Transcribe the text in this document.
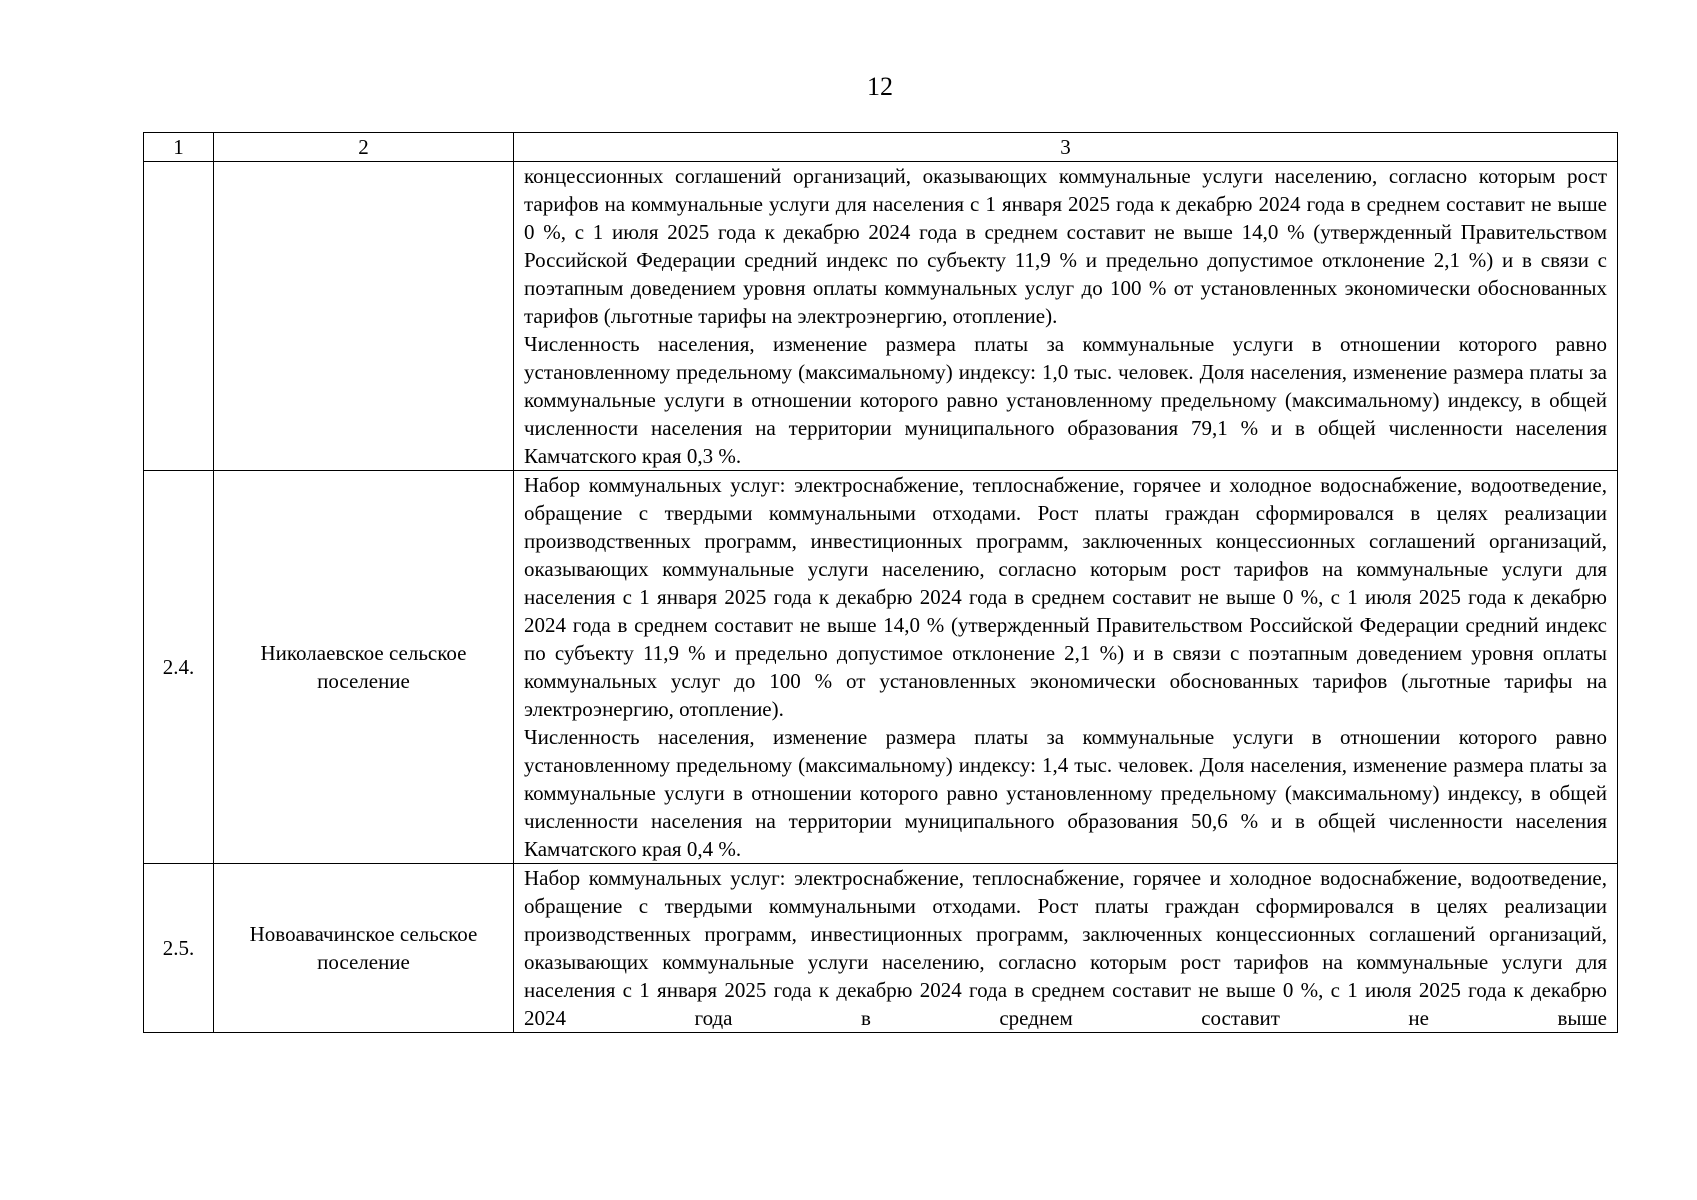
12
1	2	3

		концессионных соглашений организаций, оказывающих коммунальные услуги населению, согласно которым рост тарифов на коммунальные услуги для населения с 1 января 2025 года к декабрю 2024 года в среднем составит не выше 0 %, с 1 июля 2025 года к декабрю 2024 года в среднем составит не выше 14,0 % (утвержденный Правительством Российской Федерации средний индекс по субъекту 11,9 % и предельно допустимое отклонение 2,1 %) и в связи с поэтапным доведением уровня оплаты коммунальных услуг до 100 % от установленных экономически обоснованных тарифов (льготные тарифы на электроэнергию, отопление).

Численность населения, изменение размера платы за коммунальные услуги в отношении которого равно установленному предельному (максимальному) индексу: 1,0 тыс. человек. Доля населения, изменение размера платы за коммунальные услуги в отношении которого равно установленному предельному (максимальному) индексу, в общей численности населения на территории муниципального образования 79,1 % и в общей численности населения Камчатского края 0,3 %.

2.4.	Николаевское сельское поселение	Набор коммунальных услуг: электроснабжение, теплоснабжение, горячее и холодное водоснабжение, водоотведение, обращение с твердыми коммунальными отходами. Рост платы граждан сформировался в целях реализации производственных программ, инвестиционных программ, заключенных концессионных соглашений организаций, оказывающих коммунальные услуги населению, согласно которым рост тарифов на коммунальные услуги для населения с 1 января 2025 года к декабрю 2024 года в среднем составит не выше 0 %, с 1 июля 2025 года к декабрю 2024 года в среднем составит не выше 14,0 % (утвержденный Правительством Российской Федерации средний индекс по субъекту 11,9 % и предельно допустимое отклонение 2,1 %) и в связи с поэтапным доведением уровня оплаты коммунальных услуг до 100 % от установленных экономически обоснованных тарифов (льготные тарифы на электроэнергию, отопление).

Численность населения, изменение размера платы за коммунальные услуги в отношении которого равно установленному предельному (максимальному) индексу: 1,4 тыс. человек. Доля населения, изменение размера платы за коммунальные услуги в отношении которого равно установленному предельному (максимальному) индексу, в общей численности населения на территории муниципального образования 50,6 % и в общей численности населения Камчатского края 0,4 %.

2.5.	Новоавачинское сельское поселение	Набор коммунальных услуг: электроснабжение, теплоснабжение, горячее и холодное водоснабжение, водоотведение, обращение с твердыми коммунальными отходами. Рост платы граждан сформировался в целях реализации производственных программ, инвестиционных программ, заключенных концессионных соглашений организаций, оказывающих коммунальные услуги населению, согласно которым рост тарифов на коммунальные услуги для населения с 1 января 2025 года к декабрю 2024 года в среднем составит не выше 0 %, с 1 июля 2025 года к декабрю 2024 года в среднем составит не выше
